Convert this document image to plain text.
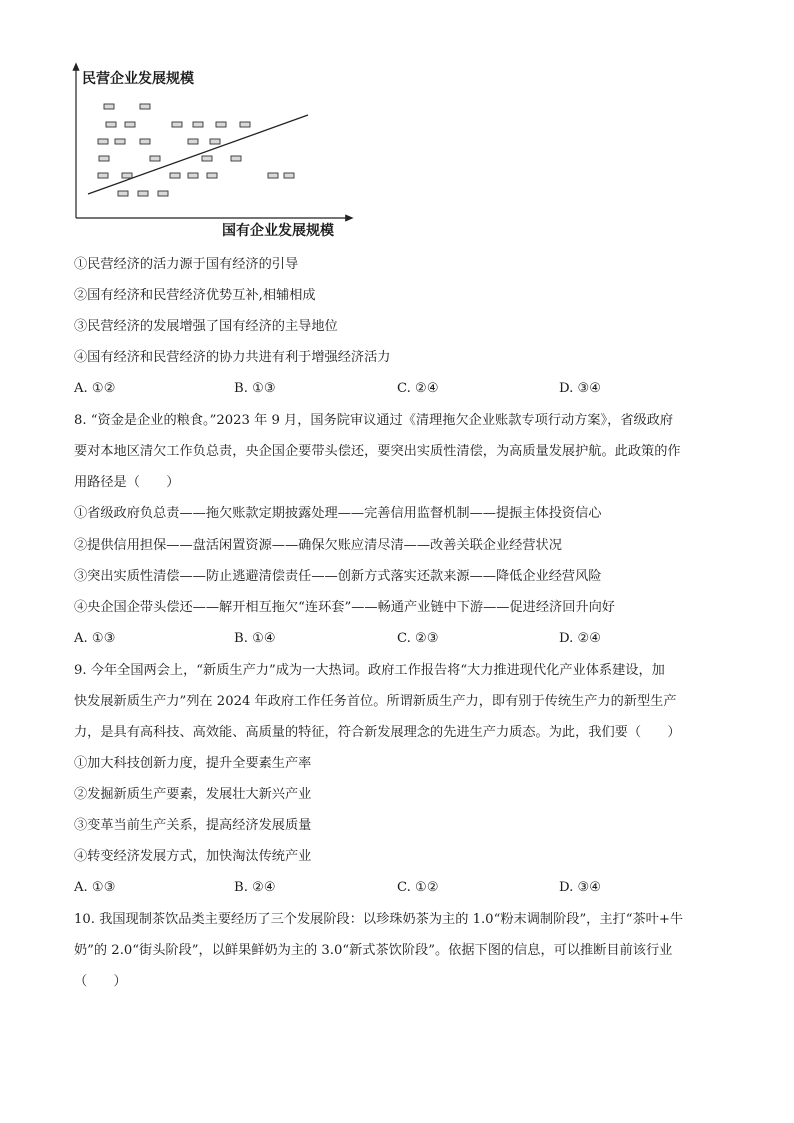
民营企业发展规模
国有企业发展规模
①民营经济的活力源于国有经济的引导
②国有经济和民营经济优势互补,相辅相成
③民营经济的发展增强了国有经济的主导地位
④国有经济和民营经济的协力共进有利于增强经济活力
A. ①②	B. ①③	C. ②④	D. ③④
8. “资金是企业的粮食。”2023 年 9 月，国务院审议通过《清理拖欠企业账款专项行动方案》，省级政府
要对本地区清欠工作负总责，央企国企要带头偿还，要突出实质性清偿，为高质量发展护航。此政策的作
用路径是（　　）
①省级政府负总责——拖欠账款定期披露处理——完善信用监督机制——提振主体投资信心
②提供信用担保——盘活闲置资源——确保欠账应清尽清——改善关联企业经营状况
③突出实质性清偿——防止逃避清偿责任——创新方式落实还款来源——降低企业经营风险
④央企国企带头偿还——解开相互拖欠“连环套”——畅通产业链中下游——促进经济回升向好
A. ①③	B. ①④	C. ②③	D. ②④
9. 今年全国两会上，“新质生产力”成为一大热词。政府工作报告将“大力推进现代化产业体系建设，加
快发展新质生产力”列在 2024 年政府工作任务首位。所谓新质生产力，即有别于传统生产力的新型生产
力，是具有高科技、高效能、高质量的特征，符合新发展理念的先进生产力质态。为此，我们要（　　）
①加大科技创新力度，提升全要素生产率
②发掘新质生产要素，发展壮大新兴产业
③变革当前生产关系，提高经济发展质量
④转变经济发展方式，加快淘汰传统产业
A. ①③	B. ②④	C. ①②	D. ③④
10. 我国现制茶饮品类主要经历了三个发展阶段：以珍珠奶茶为主的 1.0“粉末调制阶段”，主打“茶叶+牛
奶”的 2.0“街头阶段”，以鲜果鲜奶为主的 3.0“新式茶饮阶段”。依据下图的信息，可以推断目前该行业
（　　）
